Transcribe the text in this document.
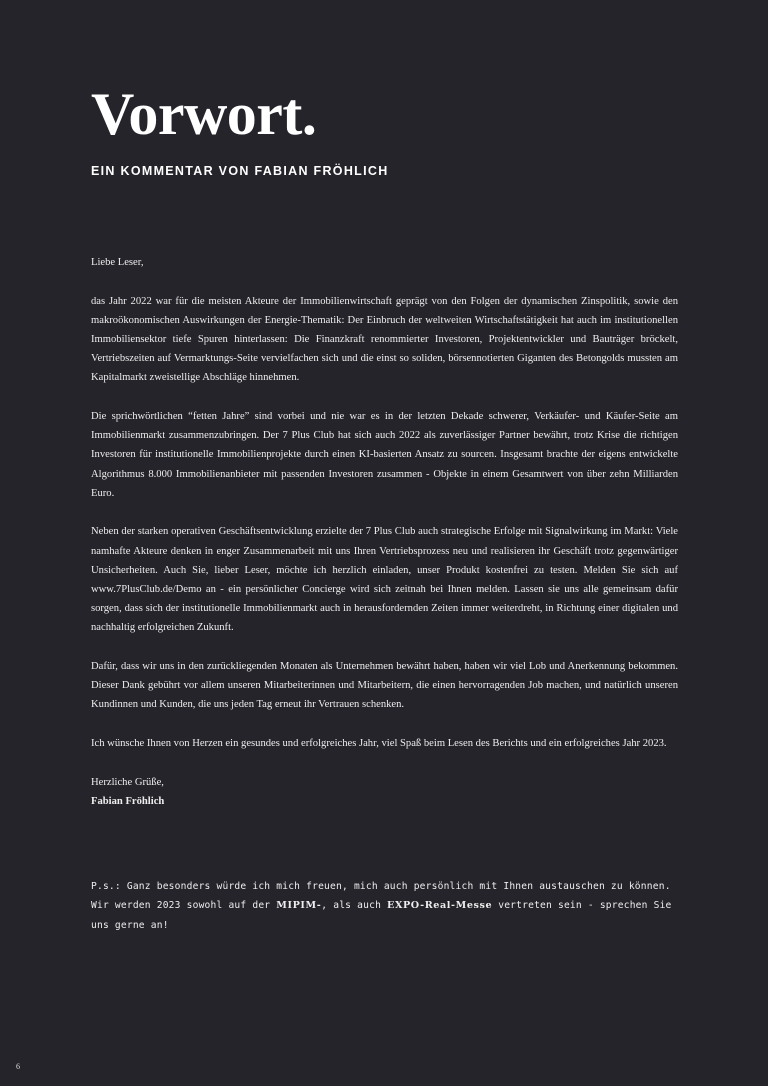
Vorwort.
EIN KOMMENTAR VON FABIAN FRÖHLICH

Liebe Leser,

das Jahr 2022 war für die meisten Akteure der Immobilienwirtschaft geprägt von den Folgen der dynamischen Zinspolitik, sowie den makroökonomischen Auswirkungen der Energie-Thematik: Der Einbruch der weltweiten Wirtschaftstätigkeit hat auch im institutionellen Immobiliensektor tiefe Spuren hinterlassen: Die Finanzkraft renommierter Investoren, Projektentwickler und Bauträger bröckelt, Vertriebszeiten auf Vermarktungs-Seite vervielfachen sich und die einst so soliden, börsennotierten Giganten des Betongolds mussten am Kapitalmarkt zweistellige Abschläge hinnehmen.

Die sprichwörtlichen “fetten Jahre” sind vorbei und nie war es in der letzten Dekade schwerer, Verkäufer- und Käufer-Seite am Immobilienmarkt zusammenzubringen. Der 7 Plus Club hat sich auch 2022 als zuverlässiger Partner bewährt, trotz Krise die richtigen Investoren für institutionelle Immobilienprojekte durch einen KI-basierten Ansatz zu sourcen. Insgesamt brachte der eigens entwickelte Algorithmus 8.000 Immobilienanbieter mit passenden Investoren zusammen - Objekte in einem Gesamtwert von über zehn Milliarden Euro.

Neben der starken operativen Geschäftsentwicklung erzielte der 7 Plus Club auch strategische Erfolge mit Signalwirkung im Markt: Viele namhafte Akteure denken in enger Zusammenarbeit mit uns Ihren Vertriebsprozess neu und realisieren ihr Geschäft trotz gegenwärtiger Unsicherheiten. Auch Sie, lieber Leser, möchte ich herzlich einladen, unser Produkt kostenfrei zu testen. Melden Sie sich auf www.7PlusClub.de/Demo an - ein persönlicher Concierge wird sich zeitnah bei Ihnen melden. Lassen sie uns alle gemeinsam dafür sorgen, dass sich der institutionelle Immobilienmarkt auch in herausfordernden Zeiten immer weiterdreht, in Richtung einer digitalen und nachhaltig erfolgreichen Zukunft.

Dafür, dass wir uns in den zurückliegenden Monaten als Unternehmen bewährt haben, haben wir viel Lob und Anerkennung bekommen. Dieser Dank gebührt vor allem unseren Mitarbeiterinnen und Mitarbeitern, die einen hervorragenden Job machen, und natürlich unseren Kundinnen und Kunden, die uns jeden Tag erneut ihr Vertrauen schenken.

Ich wünsche Ihnen von Herzen ein gesundes und erfolgreiches Jahr, viel Spaß beim Lesen des Berichts und ein erfolgreiches Jahr 2023.

Herzliche Grüße,
Fabian Fröhlich

P.s.: Ganz besonders würde ich mich freuen, mich auch persönlich mit Ihnen austauschen zu können. Wir werden 2023 sowohl auf der MIPIM-, als auch EXPO-Real-Messe vertreten sein - sprechen Sie uns gerne an!

6
